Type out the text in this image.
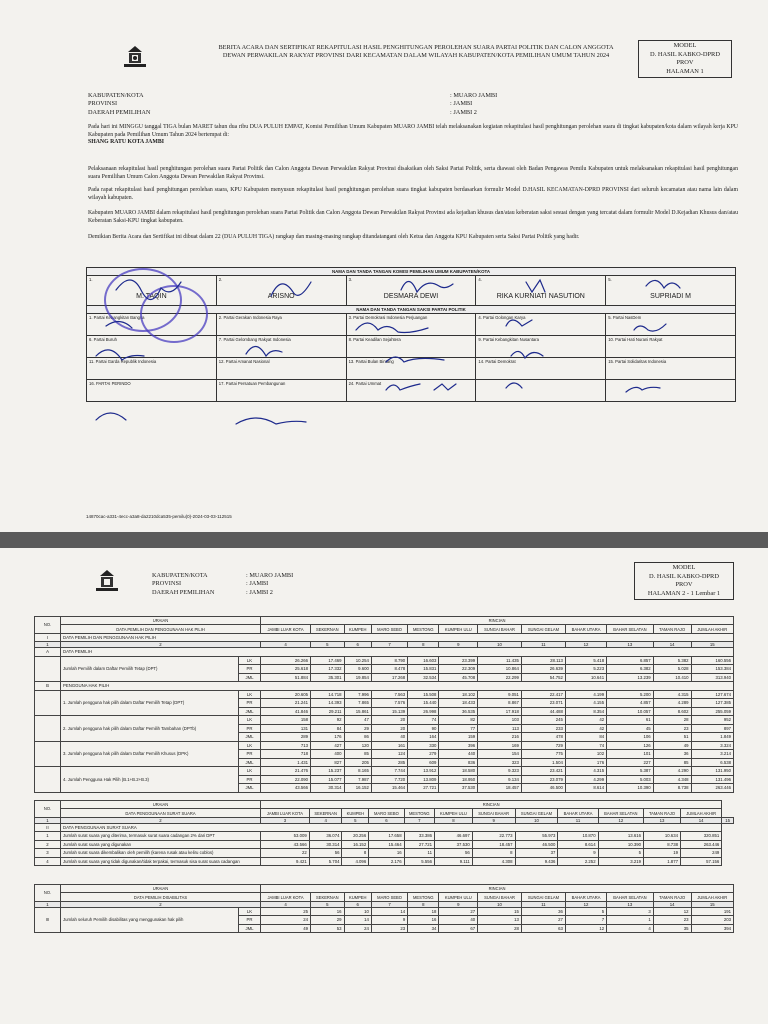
BERITA ACARA DAN SERTIFIKAT REKAPITULASI HASIL PENGHITUNGAN PEROLEHAN SUARA PARTAI POLITIK DAN CALON ANGGOTA
DEWAN PERWAKILAN RAKYAT PROVINSI DARI KECAMATAN DALAM WILAYAH KABUPATEN/KOTA PEMILIHAN UMUM TAHUN 2024
MODEL
D. HASIL KABKO-DPRD
PROV
HALAMAN 1
KABUPATEN/KOTA
PROVINSI
DAERAH PEMILIHAN
: MUARO JAMBI
: JAMBI
: JAMBI 2
Pada hari ini MINGGU tanggal TIGA bulan MARET tahun dua ribu DUA PULUH EMPAT, Komisi Pemilihan Umum Kabupaten MUARO JAMBI telah melaksanakan kegiatan rekapitulasi hasil penghitungan perolehan suara di tingkat kabupaten/kota dalam wilayah kerja KPU Kabupaten pada Pemilihan Umum Tahun 2024 bertempat di:
SHANG RATU KOTA JAMBI
Pelaksanaan rekapitulasi hasil penghitungan perolehan suara Partai Politik dan Calon Anggota Dewan Perwakilan Rakyat Provinsi disaksikan oleh Saksi Partai Politik, serta diawasi oleh Badan Pengawas Pemilu Kabupaten untuk melaksanakan rekapitulasi hasil penghitungan suara Pemilihan Umum Calon Anggota Dewan Perwakilan Rakyat Provinsi.
Pada rapat rekapitulasi hasil penghitungan perolehan suara, KPU Kabupaten menyusun rekapitulasi hasil penghitungan perolehan suara tingkat kabupaten berdasarkan formulir Model D.HASIL KECAMATAN-DPRD PROVINSI dari seluruh kecamatan atau nama lain dalam wilayah kabupaten.
Kabupaten MUARO JAMBI dalam rekapitulasi hasil penghitungan perolehan suara Partai Politik dan Calon Anggota Dewan Perwakilan Rakyat Provinsi ada kejadian khusus dan/atau keberatan saksi sesuai dengan yang tercatat dalam formulir Model D.Kejadian Khusus dan/atau Keberatan Saksi-KPU tingkat kabupaten.
Demikian Berita Acara dan Sertifikat ini dibuat dalam 22 (DUA PULUH TIGA) rangkap dan masing-masing rangkap ditandatangani oleh Ketua dan Anggota KPU Kabupaten serta Saksi Partai Politik yang hadir.
NAMA DAN TANDA TANGAN KOMISI PEMILIHAN UMUM KABUPATEN/KOTA				
1.
M. TAQIN	2.
ARISNO	3.
DESMARA DEWI	4.
RIKA KURNIATI NASUTION	5.
SUPRIADI M

NAMA DAN TANDA TANGAN SAKSI PARTAI POLITIK				
1. Partai Kebangkitan Bangsa	2. Partai Gerakan Indonesia Raya	3. Partai Demokrasi Indonesia Perjuangan	4. Partai Golongan Karya	5. Partai NasDem
6. Partai Buruh	7. Partai Gelombang Rakyat Indonesia	8. Partai Keadilan Sejahtera	9. Partai Kebangkitan Nusantara	10. Partai Hati Nurani Rakyat
11. Partai Garda Republik Indonesia	12. Partai Amanat Nasional	13. Partai Bulan Bintang	14. Partai Demokrat	15. Partai Solidaritas Indonesia
16. PARTAI PERINDO	17. Partai Persatuan Pembangunan	24. Partai Ummat		
14870cac-a331-4ecc-a3a8-da2210dca535-pemilu(0)-2024-03-03-112515
KABUPATEN/KOTA
PROVINSI
DAERAH PEMILIHAN
: MUARO JAMBI
: JAMBI
: JAMBI 2
MODEL
D. HASIL KABKO-DPRD
PROV
HALAMAN 2 - 1 Lembar 1
NO.	URAIAN		RINCIAN											
	DATA PEMILIH DAN PENGGUNAAN HAK PILIH		JAMBI LUAR KOTA	SEKERNAN	KUMPEH	MARO SEBO	MESTONG	KUMPEH ULU	SUNGAI BAHAR	SUNGAI GELAM	BAHAR UTARA	BAHAR SELATAN	TAMAN RAJO	JUMLAH AKHIR
I	DATA PEMILIH DAN PENGGUNAAN HAK PILIH													
1	2		4	5	6	7	8	9	10	11	12	13	14	15
A	DATA PEMILIH													
	Jumlah Pemilih dalam Daftar Pemilih Tetap (DPT)	LK	26.266	17.469	10.254	8.790	16.603	23.399	11.435	28.113	5.418	6.857	5.382	160.556
		PR	25.618	17.332	9.600	8.478	15.831	22.309	10.864	26.639	5.223	6.382	5.028	153.384
		JML	51.884	35.301	19.854	17.268	32.534	45.708	22.299	54.752	10.641	13.239	10.410	313.940
B	PENGGUNA HAK PILIH													
	1. Jumlah pengguna hak pilih dalam Daftar Pemilih Tetap (DPT)	LK	20.605	14.718	7.996	7.563	15.508	18.102	9.051	22.417	4.199	5.200	4.315	127.674
		PR	21.241	14.393	7.865	7.576	15.440	18.433	8.867	23.071	4.155	4.857	4.289	127.385
		JML	41.846	29.211	15.861	15.139	26.998	36.535	17.918	44.488	8.354	10.057	8.602	255.059
	2. Jumlah pengguna hak pilih dalam Daftar Pemilih Tambahan (DPTb)	LK	158	92	47	20	74	82	103	245	42	61	28	952
		PR	131	84	29	20	90	77	113	233	42	45	23	897
		JML	289	176	86	40	164	159	216	478	84	106	51	1.849
	3. Jumlah pengguna hak pilih dalam Daftar Pemilih Khusus (DPK)	LK	713	427	120	161	330	396	169	729	74	126	49	3.324
		PR	718	400	85	124	279	440	154	775	102	101	36	3.214
		JML	1.431	827	205	285	609	836	323	1.504	176	227	85	6.538
	4. Jumlah Pengguna Hak Pilih (B.1+B.2+B.3)	LK	21.476	15.237	8.165	7.744	13.912	18.580	9.323	23.421	4.315	5.387	4.290	131.950
		PR	22.090	15.077	7.987	7.720	13.809	18.950	9.134	23.079	4.299	5.003	4.348	131.496
		JML	43.566	30.314	16.152	15.464	27.721	37.530	18.457	46.500	8.614	10.390	8.738	263.446
NO.	URAIAN	RINCIAN												
	DATA PENGGUNAAN SURAT SUARA	JAMBI LUAR KOTA	SEKERNAN	KUMPEH	MARO SEBO	MESTONG	KUMPEH ULU	SUNGAI BAHAR	SUNGAI GELAM	BAHAR UTARA	BAHAR SELATAN	TAMAN RAJO	JUMLAH AKHIR	
1	2	3	4	5	6	7	8	9	10	11	12	13	14	15
II	DATA PENGGUNAAN SURAT SUARA													
1	Jumlah surat suara yang diterima, termasuk surat suara cadangan 2% dari DPT	53.009	36.074	20.256	17.658	33.386	46.697	22.773	55.973	10.870	13.616	10.634	320.851	
2	Jumlah surat suara yang digunakan	43.566	30.314	16.152	15.464	27.721	37.530	18.457	46.500	8.614	10.390	8.738	263.446	
3	Jumlah surat suara dikembalikan oleh pemilih (karena rusak atau keliru coblos)	22	56	8	16	11	56	8	37	9	5	19	249	
4	Jumlah surat suara yang tidak digunakan/tidak terpakai, termasuk sisa surat suara cadangan	9.421	5.704	4.096	2.176	5.556	9.111	4.308	9.436	2.252	3.219	1.877	57.156	
NO.	URAIAN		RINCIAN											
	DATA PEMILIH DISABILITAS		JAMBI LUAR KOTA	SEKERNAN	KUMPEH	MARO SEBO	MESTONG	KUMPEH ULU	SUNGAI BAHAR	SUNGAI GELAM	BAHAR UTARA	BAHAR SELATAN	TAMAN RAJO	JUMLAH AKHIR
1	2		4	5	6	7	8	9	10	11	12	13	14	15
III	Jumlah seluruh Pemilih disabilitas yang menggunakan hak pilih	LK	25	16	10	14	18	27	15	36	5	3	12	191
		PR	24	29	14	9	16	40	13	27	7	1	23	203
		JML	49	53	24	23	34	67	28	63	12	4	35	394
